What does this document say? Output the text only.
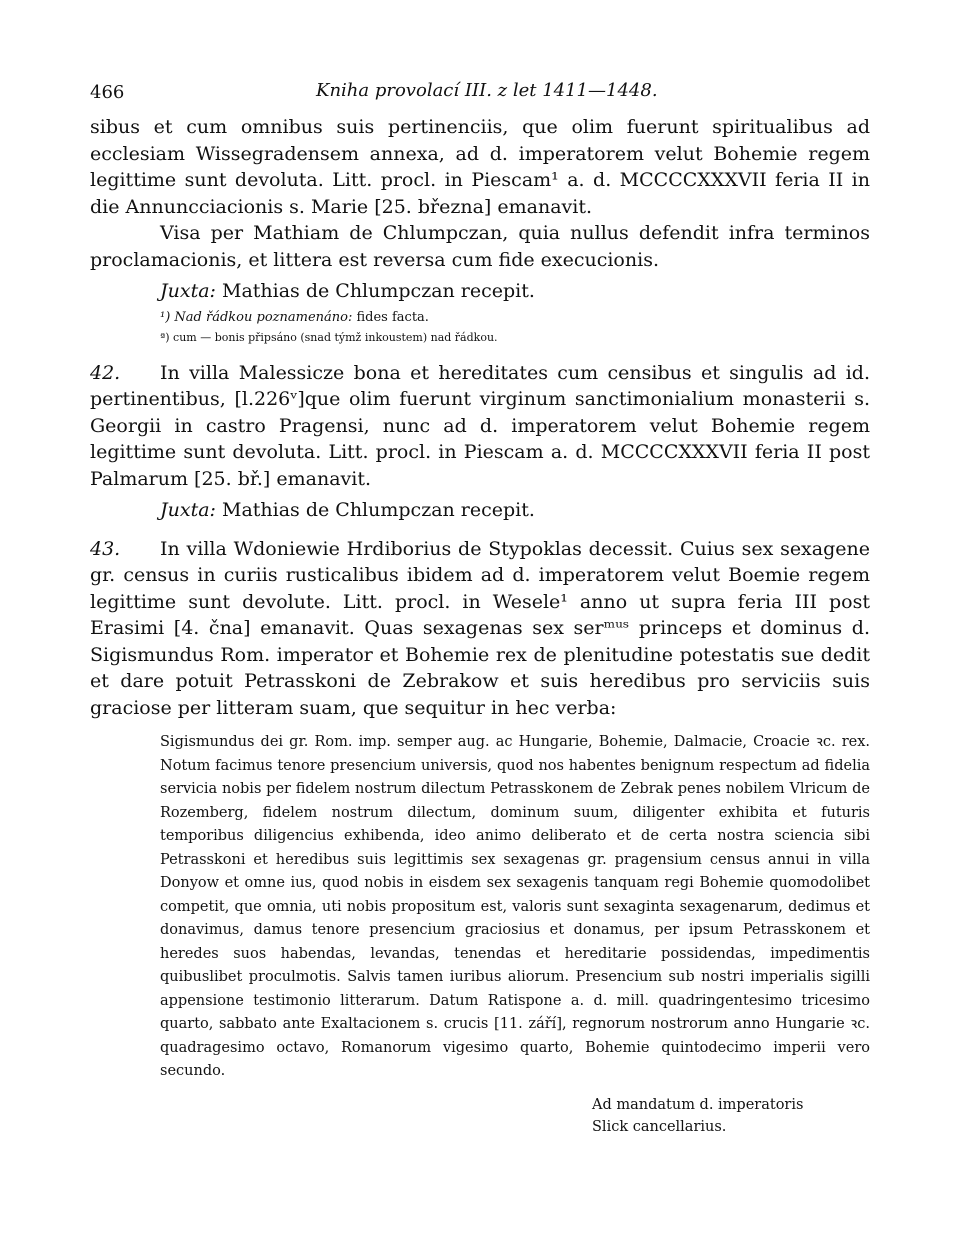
466	Kniha provolací III. z let 1411—1448.

sibus et cum omnibus suis pertinenciis, que olim fuerunt spiritualibus ad ecclesiam Wissegradensem annexa, ad d. imperatorem velut Bohemie regem legittime sunt devoluta. Litt. procl. in Piescam¹ a. d. MCCCCXXXVII feria II in die Annuncciacionis s. Marie [25. března] emanavit.

Visa per Mathiam de Chlumpczan, quia nullus defendit infra terminos proclamacionis, et littera est reversa cum fide execucionis.

Juxta: Mathias de Chlumpczan recepit.

¹) Nad řádkou poznamenáno: fides facta.

ª) cum — bonis připsáno (snad týmž inkoustem) nad řádkou.

42. In villa Malessicze bona et hereditates cum censibus et singulis ad id. pertinentibus, [l.226ᵛ]que olim fuerunt virginum sanctimonialium monasterii s. Georgii in castro Pragensi, nunc ad d. imperatorem velut Bohemie regem legittime sunt devoluta. Litt. procl. in Piescam a. d. MCCCCXXXVII feria II post Palmarum [25. bř.] emanavit.

Juxta: Mathias de Chlumpczan recepit.

43. In villa Wdoniewie Hrdiborius de Stypoklas decessit. Cuius sex sexagene gr. census in curiis rusticalibus ibidem ad d. imperatorem velut Boemie regem legittime sunt devolute. Litt. procl. in Wesele¹ anno ut supra feria III post Erasimi [4. čna] emanavit. Quas sexagenas sex serᵐᵘˢ princeps et dominus d. Sigismundus Rom. imperator et Bohemie rex de plenitudine potestatis sue dedit et dare potuit Petrasskoni de Zebrakow et suis heredibus pro serviciis suis graciose per litteram suam, que sequitur in hec verba:

Sigismundus dei gr. Rom. imp. semper aug. ac Hungarie, Bohemie, Dalmacie, Croacie ꝛc. rex. Notum facimus tenore presencium universis, quod nos habentes benignum respectum ad fidelia servicia nobis per fidelem nostrum dilectum Petrasskonem de Zebrak penes nobilem Vlricum de Rozemberg, fidelem nostrum dilectum, dominum suum, diligenter exhibita et futuris temporibus diligencius exhibenda, ideo animo deliberato et de certa nostra sciencia sibi Petrasskoni et heredibus suis legittimis sex sexagenas gr. pragensium census annui in villa Donyow et omne ius, quod nobis in eisdem sex sexagenis tanquam regi Bohemie quomodolibet competit, que omnia, uti nobis propositum est, valoris sunt sexaginta sexagenarum, dedimus et donavimus, damus tenore presencium graciosius et donamus, per ipsum Petrasskonem et heredes suos habendas, levandas, tenendas et hereditarie possidendas, impedimentis quibuslibet proculmotis. Salvis tamen iuribus aliorum. Presencium sub nostri imperialis sigilli appensione testimonio litterarum. Datum Ratispone a. d. mill. quadringentesimo tricesimo quarto, sabbato ante Exaltacionem s. crucis [11. září], regnorum nostrorum anno Hungarie ꝛc. quadragesimo octavo, Romanorum vigesimo quarto, Bohemie quintodecimo imperii vero secundo.

Ad mandatum d. imperatoris

Slick cancellarius.
